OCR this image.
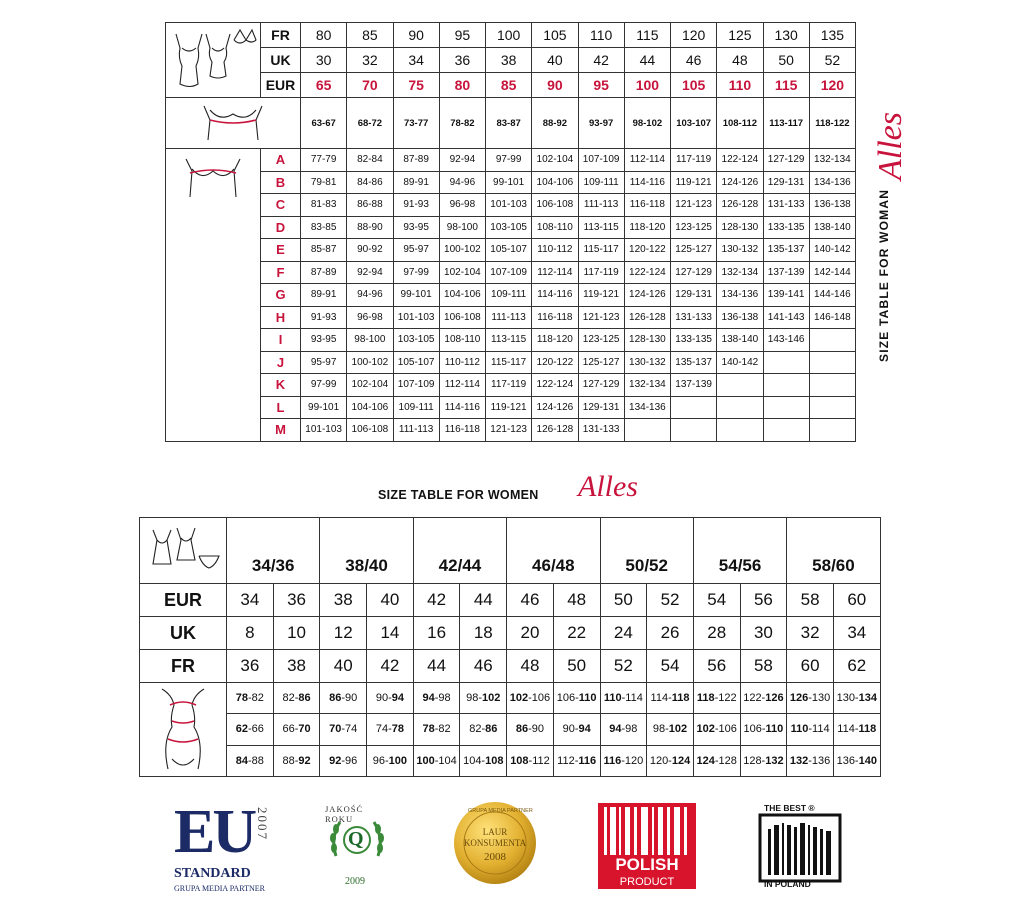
	FR	80	85	90	95	100	105	110	115	120	125	130	135
	UK	30	32	34	36	38	40	42	44	46	48	50	52
	EUR	65	70	75	80	85	90	95	100	105	110	115	120
	63-67	68-72	73-77	78-82	83-87	88-92	93-97	98-102	103-107	108-112	113-117	118-122
	A	77-79	82-84	87-89	92-94	97-99	102-104	107-109	112-114	117-119	122-124	127-129	132-134
	B	79-81	84-86	89-91	94-96	99-101	104-106	109-111	114-116	119-121	124-126	129-131	134-136
	C	81-83	86-88	91-93	96-98	101-103	106-108	111-113	116-118	121-123	126-128	131-133	136-138
	D	83-85	88-90	93-95	98-100	103-105	108-110	113-115	118-120	123-125	128-130	133-135	138-140
	E	85-87	90-92	95-97	100-102	105-107	110-112	115-117	120-122	125-127	130-132	135-137	140-142
	F	87-89	92-94	97-99	102-104	107-109	112-114	117-119	122-124	127-129	132-134	137-139	142-144
	G	89-91	94-96	99-101	104-106	109-111	114-116	119-121	124-126	129-131	134-136	139-141	144-146
	H	91-93	96-98	101-103	106-108	111-113	116-118	121-123	126-128	131-133	136-138	141-143	146-148
	I	93-95	98-100	103-105	108-110	113-115	118-120	123-125	128-130	133-135	138-140	143-146	
	J	95-97	100-102	105-107	110-112	115-117	120-122	125-127	130-132	135-137	140-142		
	K	97-99	102-104	107-109	112-114	117-119	122-124	127-129	132-134	137-139			
	L	99-101	104-106	109-111	114-116	119-121	124-126	129-131	134-136				
	M	101-103	106-108	111-113	116-118	121-123	126-128	131-133					
SIZE TABLE FOR WOMAN
Alles
SIZE TABLE FOR WOMEN Alles

	34/36		38/40		42/44		46/48		50/52		54/56		58/60	
EUR	34	36	38	40	42	44	46	48	50	52	54	56	58	60
UK	8	10	12	14	16	18	20	22	24	26	28	30	32	34
FR	36	38	40	42	44	46	48	50	52	54	56	58	60	62
	78-82	82-86	86-90	90-94	94-98	98-102	102-106	106-110	110-114	114-118	118-122	122-126	126-130	130-134
	62-66	66-70	70-74	74-78	78-82	82-86	86-90	90-94	94-98	98-102	102-106	106-110	110-114	114-118
	84-88	88-92	92-96	96-100	100-104	104-108	108-112	112-116	116-120	120-124	124-128	128-132	132-136	136-140
EU 2007
STANDARD
GRUPA MEDIA PARTNER
Q
JAKOŚĆ ROKU
2009
GRUPA MEDIA PARTNER
LAUR
KONSUMENTA
2008	POLISH
PRODUCT
THE BEST ®
IN POLAND
